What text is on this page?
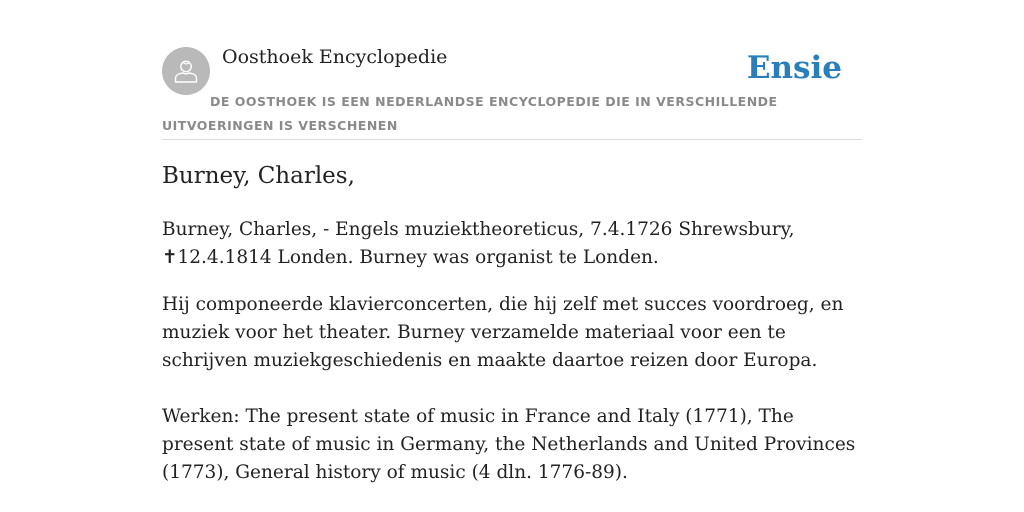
Oosthoek Encyclopedie	Ensie
DE OOSTHOEK IS EEN NEDERLANDSE ENCYCLOPEDIE DIE IN VERSCHILLENDE UITVOERINGEN IS VERSCHENEN
Burney, Charles,

Burney, Charles, - Engels muziektheoreticus, 7.4.1726 Shrewsbury, ✝12.4.1814 Londen. Burney was organist te Londen.

Hij componeerde klavierconcerten, die hij zelf met succes voordroeg, en muziek voor het theater. Burney verzamelde materiaal voor een te schrijven muziekgeschiedenis en maakte daartoe reizen door Europa.

Werken: The present state of music in France and Italy (1771), The present state of music in Germany, the Netherlands and United Provinces (1773), General history of music (4 dln. 1776-89).
